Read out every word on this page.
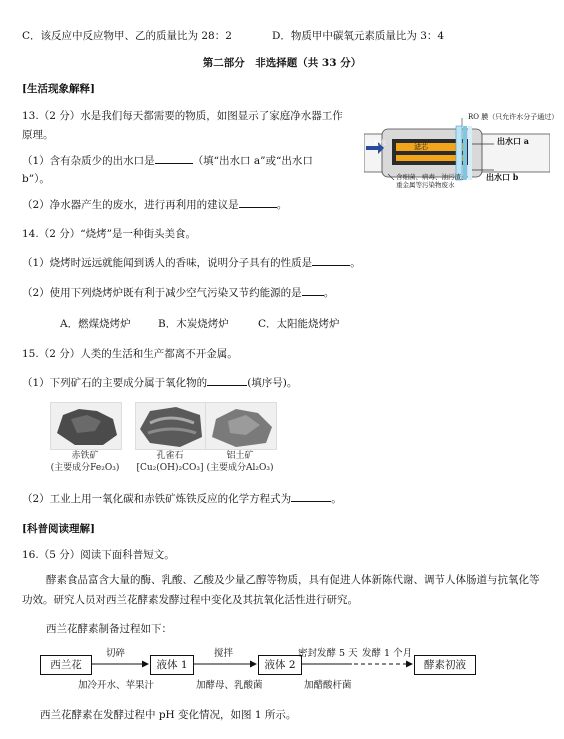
C．该反应中反应物甲、乙的质量比为 28：2	D．物质甲中碳氧元素质量比为 3：4
第二部分　非选择题（共 33 分）
[生活现象解释]
13.（2 分）水是我们每天都需要的物质，如图显示了家庭净水器工作
原理。
（1）含有杂质少的出水口是	（填“出水口 a”或“出水口
b”）。
（2）净水器产生的废水，进行再利用的建议是	。
RO 膜（只允许水分子通过）
自来水	滤芯
出水口 a
出水口 b
含细菌、病毒、油污渣、
重金属等污染物废水
14.（2 分）“烧烤”是一种街头美食。
（1）烧烤时远远就能闻到诱人的香味，说明分子具有的性质是	。
（2）使用下列烧烤炉既有利于减少空气污染又节约能源的是 。
A．燃煤烧烤炉	B．木炭烧烤炉	C．太阳能烧烤炉
15.（2 分）人类的生活和生产都离不开金属。
（1）下列矿石的主要成分属于氧化物的	(填序号)。
赤铁矿
(主要成分Fe₂O₃)
孔雀石
[Cu₂(OH)₂CO₃]
铝土矿
(主要成分Al₂O₃)
（2）工业上用一氧化碳和赤铁矿炼铁反应的化学方程式为	。
[科普阅读理解]
16.（5 分）阅读下面科普短文。
酵素食品富含大量的酶、乳酸、乙酸及少量乙醇等物质，具有促进人体新陈代谢、调节人体肠道与抗氧化等功效。研究人员对西兰花酵素发酵过程中变化及其抗氧化活性进行研究。
西兰花酵素制备过程如下：
西兰花	液体 1	液体 2	酵素初液
切碎
加冷开水、苹果汁
搅拌
加酵母、乳酸菌
密封发酵 5 天
加醋酸杆菌
发酵 1 个月
西兰花酵素在发酵过程中 pH 变化情况，如图 1 所示。
